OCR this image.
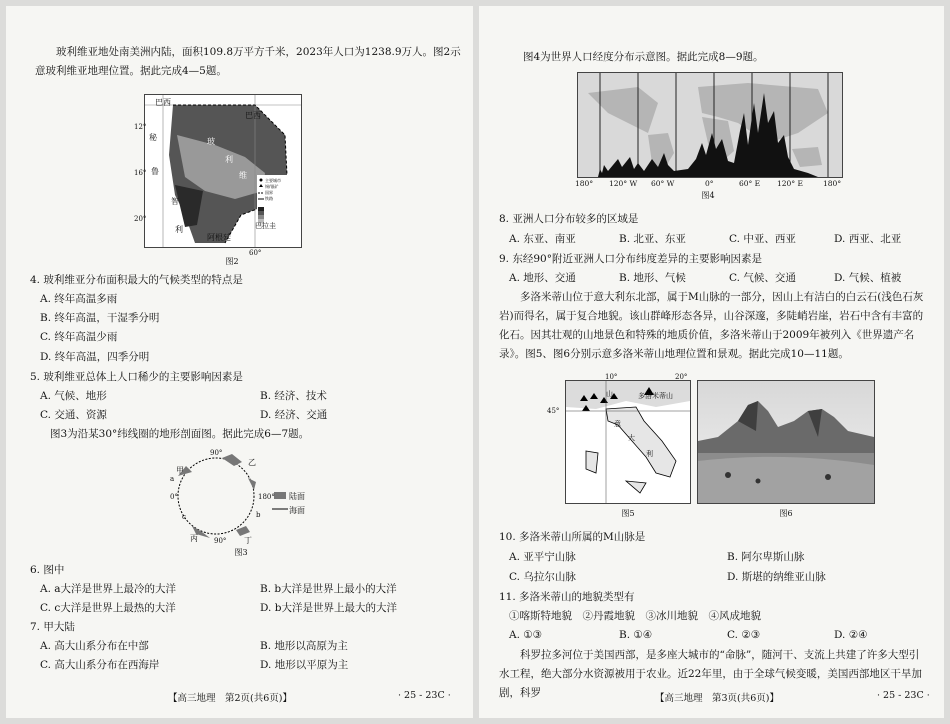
玻利维亚地处南美洲内陆，面积109.8万平方千米，2023年人口为1238.9万人。图2示意玻利维亚地理位置。据此完成4—5题。
主要城市
锡/银矿
国界
铁路
巴西
巴西
秘
鲁
利
维
智
利
阿根廷
巴拉圭
玻
12°
16°
20°
60°
图2
4. 玻利维亚分布面积最大的气候类型的特点是
A. 终年高温多雨
B. 终年高温，干湿季分明
C. 终年高温少雨
D. 终年高温，四季分明
5. 玻利维亚总体上人口稀少的主要影响因素是
A. 气候、地形	B. 经济、技术
C. 交通、资源	D. 经济、交通
图3为沿某30°纬线圈的地形剖面图。据此完成6—7题。
90°
甲
乙
0°	180°
a
b
c
丙	丁
90°
陆面
海面
图3
6. 图中
A. a大洋是世界上最冷的大洋	B. b大洋是世界上最小的大洋
C. c大洋是世界上最热的大洋	D. b大洋是世界上最大的大洋
7. 甲大陆
A. 高大山系分布在中部	B. 地形以高原为主
C. 高大山系分布在西海岸	D. 地形以平原为主
【高三地理　第2页(共6页)】	· 25 - 23C ·
图4为世界人口经度分布示意图。据此完成8—9题。
180° 120° W 60° W	0°	60° E 120° E	180°
图4
8. 亚洲人口分布较多的区域是
A. 东亚、南亚	B. 北亚、东亚	C. 中亚、西亚	D. 西亚、北亚
9. 东经90°附近亚洲人口分布纬度差异的主要影响因素是
A. 地形、交通	B. 地形、气候	C. 气候、交通	D. 气候、植被
多洛米蒂山位于意大利东北部，属于M山脉的一部分，因山上有洁白的白云石(浅色石灰岩)而得名，属于复合地貌。该山群峰形态各异，山谷深邃，多陡峭岩崖，岩石中含有丰富的化石。因其壮观的山地景色和特殊的地质价值，多洛米蒂山于2009年被列入《世界遗产名录》。图5、图6分别示意多洛米蒂山地理位置和景观。据此完成10—11题。
山	多洛米蒂山
大
利
意
10°	20°
45°
图5	图6
10. 多洛米蒂山所属的M山脉是
A. 亚平宁山脉	B. 阿尔卑斯山脉
C. 乌拉尔山脉	D. 斯堪的纳维亚山脉
11. 多洛米蒂山的地貌类型有
①喀斯特地貌　②丹霞地貌　③冰川地貌　④风成地貌
A. ①③	B. ①④	C. ②③	D. ②④
科罗拉多河位于美国西部，是多座大城市的“命脉”，随河干、支流上共建了许多大型引水工程，绝大部分水资源被用于农业。近22年里，由于全球气候变暖，美国西部地区干旱加剧，科罗	【高三地理　第3页(共6页)】	· 25 - 23C ·
